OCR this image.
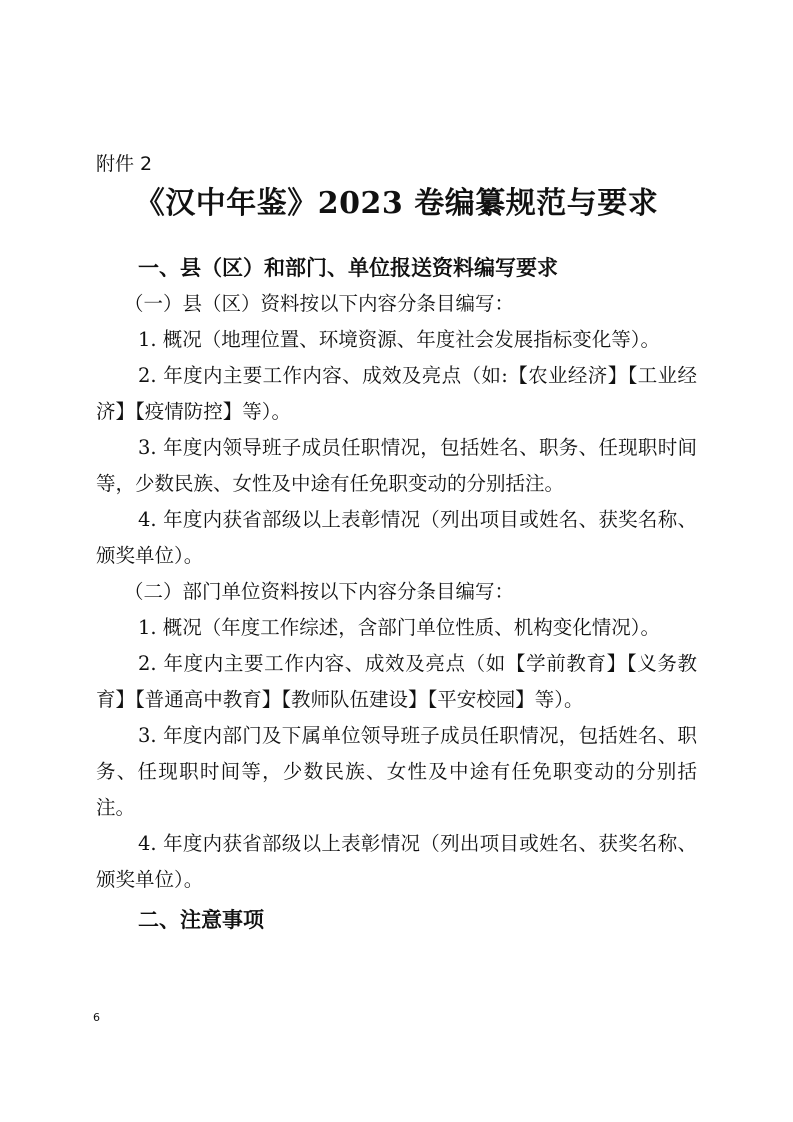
附件 2

《汉中年鉴》2023 卷编纂规范与要求

一、县（区）和部门、单位报送资料编写要求

（一）县（区）资料按以下内容分条目编写：

1. 概况（地理位置、环境资源、年度社会发展指标变化等）。

2. 年度内主要工作内容、成效及亮点（如:【农业经济】【工业经济】【疫情防控】等）。

3. 年度内领导班子成员任职情况，包括姓名、职务、任现职时间等，少数民族、女性及中途有任免职变动的分别括注。

4. 年度内获省部级以上表彰情况（列出项目或姓名、获奖名称、颁奖单位）。

（二）部门单位资料按以下内容分条目编写：

1. 概况（年度工作综述，含部门单位性质、机构变化情况）。

2. 年度内主要工作内容、成效及亮点（如【学前教育】【义务教育】【普通高中教育】【教师队伍建设】【平安校园】等）。

3. 年度内部门及下属单位领导班子成员任职情况，包括姓名、职务、任现职时间等，少数民族、女性及中途有任免职变动的分别括注。

4. 年度内获省部级以上表彰情况（列出项目或姓名、获奖名称、颁奖单位）。

二、注意事项

6
